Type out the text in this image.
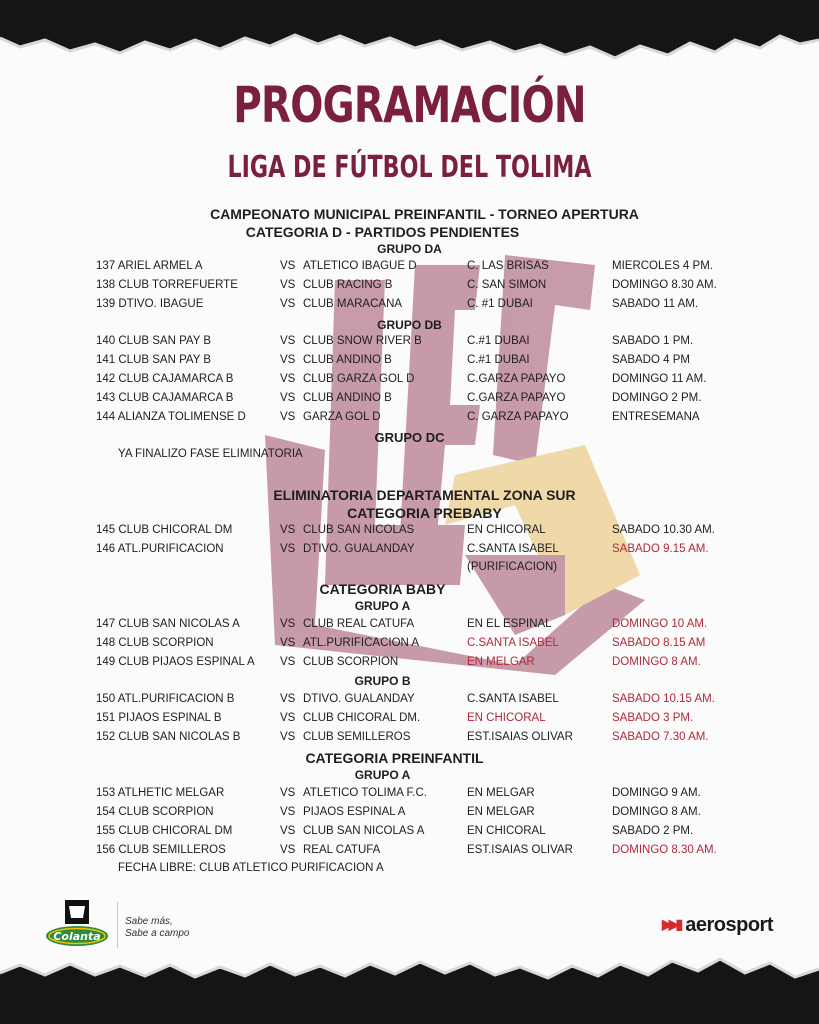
PROGRAMACIÓN
LIGA DE FÚTBOL DEL TOLIMA
CAMPEONATO MUNICIPAL PREINFANTIL - TORNEO APERTURA
CATEGORIA D - PARTIDOS PENDIENTES
GRUPO DA
GRUPO DB
GRUPO DC
YA FINALIZO FASE ELIMINATORIA
ELIMINATORIA DEPARTAMENTAL ZONA SUR
CATEGORIA PREBABY
CATEGORIA BABY
GRUPO A
GRUPO B
CATEGORIA PREINFANTIL
GRUPO A
FECHA LIBRE: CLUB ATLETICO PURIFICACION A
137 ARIEL ARMEL A	VS ATLETICO IBAGUE D	C. LAS BRISAS	MIERCOLES 4 PM.
138 CLUB TORREFUERTE	VS CLUB RACING B	C. SAN SIMON	DOMINGO 8.30 AM.
139 DTIVO. IBAGUE	VS CLUB MARACANA	C. #1 DUBAI	SABADO 11 AM.
140 CLUB SAN PAY B	VS CLUB SNOW RIVER B	C.#1 DUBAI	SABADO 1 PM.
141 CLUB SAN PAY B	VS CLUB ANDINO B	C.#1 DUBAI	SABADO 4 PM
142 CLUB CAJAMARCA B	VS CLUB GARZA GOL D	C.GARZA PAPAYO	DOMINGO 11 AM.
143 CLUB CAJAMARCA B	VS CLUB ANDINO B	C.GARZA PAPAYO	DOMINGO 2 PM.
144 ALIANZA TOLIMENSE D	VS GARZA GOL D	C. GARZA PAPAYO	ENTRESEMANA
145 CLUB CHICORAL DM	VS CLUB SAN NICOLAS	EN CHICORAL	SABADO 10.30 AM.
146 ATL.PURIFICACION	VS DTIVO. GUALANDAY	C.SANTA ISABEL	SABADO 9.15 AM.
(PURIFICACION)
147 CLUB SAN NICOLAS A	VS CLUB REAL CATUFA	EN EL ESPINAL	DOMINGO 10 AM.
148 CLUB SCORPION	VS ATL.PURIFICACION A	C.SANTA ISABEL	SABADO 8.15 AM
149 CLUB PIJAOS ESPINAL A VS CLUB SCORPION	EN MELGAR	DOMINGO 8 AM.
150 ATL.PURIFICACION B	VS DTIVO. GUALANDAY	C.SANTA ISABEL	SABADO 10.15 AM.
151 PIJAOS ESPINAL B	VS CLUB CHICORAL DM.	EN CHICORAL	SABADO 3 PM.
152 CLUB SAN NICOLAS B	VS CLUB SEMILLEROS	EST.ISAIAS OLIVAR	SABADO 7.30 AM.
153 ATLHETIC MELGAR	VS ATLETICO TOLIMA F.C.	EN MELGAR	DOMINGO 9 AM.
154 CLUB SCORPION	VS PIJAOS ESPINAL A	EN MELGAR	DOMINGO 8 AM.
155 CLUB CHICORAL DM	VS CLUB SAN NICOLAS A	EN CHICORAL	SABADO 2 PM.
156 CLUB SEMILLEROS	VS REAL CATUFA	EST.ISAIAS OLIVAR	DOMINGO 8.30 AM.
Colanta
Sabe más,
Sabe a campo
▶▶▮ aerosport
